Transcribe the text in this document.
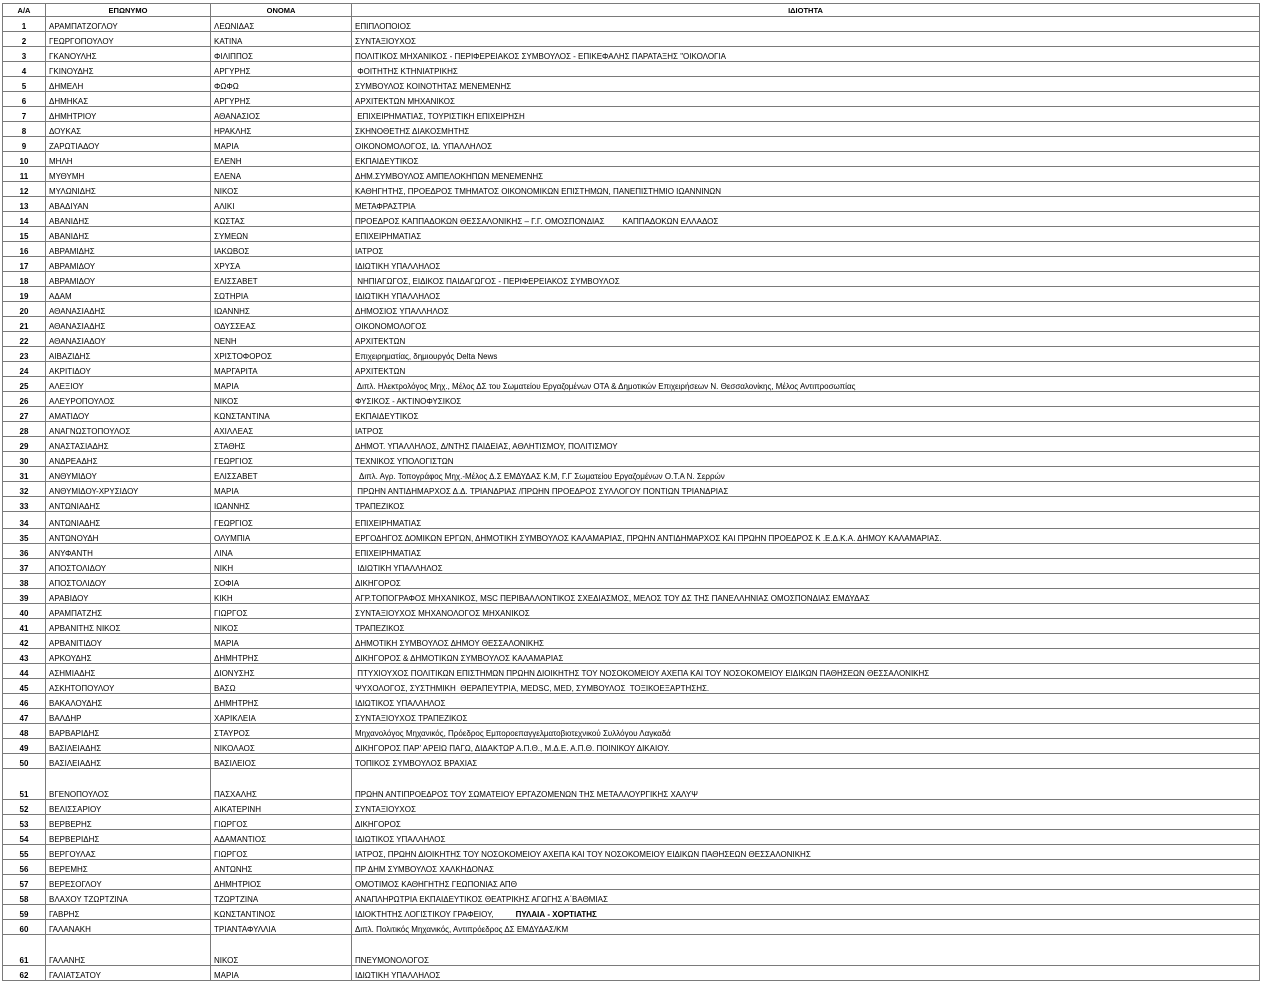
Α/Α	ΕΠΩΝΥΜΟ	ΟΝΟΜΑ	ΙΔΙΟΤΗΤΑ
1	ΑΡΑΜΠΑΤΖΟΓΛΟΥ	ΛΕΩΝΙΔΑΣ	ΕΠΙΠΛΟΠΟΙΟΣ
2	ΓΕΩΡΓΟΠΟΥΛΟΥ	ΚΑΤΙΝΑ	ΣΥΝΤΑΞΙΟΥΧΟΣ
3	ΓΚΑΝΟΥΛΗΣ	ΦΙΛΙΠΠΟΣ	ΠΟΛΙΤΙΚΟΣ ΜΗΧΑΝΙΚΟΣ - ΠΕΡΙΦΕΡΕΙΑΚΟΣ ΣΥΜΒΟΥΛΟΣ - ΕΠΙΚΕΦΑΛΗΣ ΠΑΡΑΤΑΞΗΣ "ΟΙΚΟΛΟΓΙΑ
4	ΓΚΙΝΟΥΔΗΣ	ΑΡΓΥΡΗΣ	ΦΟΙΤΗΤΗΣ ΚΤΗΝΙΑΤΡΙΚΗΣ
5	ΔΗΜΕΛΗ	ΦΩΦΩ	ΣΥΜΒΟΥΛΟΣ ΚΟΙΝΟΤΗΤΑΣ ΜΕΝΕΜΕΝΗΣ
6	ΔΗΜΗΚΑΣ	ΑΡΓΥΡΗΣ	ΑΡΧΙΤΕΚΤΩΝ ΜΗΧΑΝΙΚΟΣ
7	ΔΗΜΗΤΡΙΟΥ	ΑΘΑΝΑΣΙΟΣ	ΕΠΙΧΕΙΡΗΜΑΤΙΑΣ, ΤΟΥΡΙΣΤΙΚΗ ΕΠΙΧΕΙΡΗΣΗ
8	ΔΟΥΚΑΣ	ΗΡΑΚΛΗΣ	ΣΚΗΝΟΘΕΤΗΣ ΔΙΑΚΟΣΜΗΤΗΣ
9	ΖΑΡΩΤΙΑΔΟΥ	ΜΑΡΙΑ	ΟΙΚΟΝΟΜΟΛΟΓΟΣ, ΙΔ. ΥΠΑΛΛΗΛΟΣ
10	ΜΗΛΗ	ΕΛΕΝΗ	ΕΚΠΑΙΔΕΥΤΙΚΟΣ
11	ΜΥΘΥΜΗ	ΕΛΕΝΑ	ΔΗΜ.ΣΥΜΒΟΥΛΟΣ ΑΜΠΕΛΟΚΗΠΩΝ ΜΕΝΕΜΕΝΗΣ
12	ΜΥΛΩΝΙΔΗΣ	ΝΙΚΟΣ	ΚΑΘΗΓΗΤΗΣ, ΠΡΟΕΔΡΟΣ ΤΜΗΜΑΤΟΣ ΟΙΚΟΝΟΜΙΚΩΝ ΕΠΙΣΤΗΜΩΝ, ΠΑΝΕΠΙΣΤΗΜΙΟ ΙΩΑΝΝΙΝΩΝ
13	ΑΒΑΔΙΥΑΝ	ΑΛΙΚΙ	ΜΕΤΑΦΡΑΣΤΡΙΑ
14	ΑΒΑΝΙΔΗΣ	ΚΩΣΤΑΣ	ΠΡΟΕΔΡΟΣ ΚΑΠΠΑΔΟΚΩΝ ΘΕΣΣΑΛΟΝΙΚΗΣ – Γ.Γ. ΟΜΟΣΠΟΝΔΙΑΣ        ΚΑΠΠΑΔΟΚΩΝ ΕΛΛΑΔΟΣ
15	ΑΒΑΝΙΔΗΣ	ΣΥΜΕΩΝ	ΕΠΙΧΕΙΡΗΜΑΤΙΑΣ
16	ΑΒΡΑΜΙΔΗΣ	ΙΑΚΩΒΟΣ	ΙΑΤΡΟΣ
17	ΑΒΡΑΜΙΔΟΥ	ΧΡΥΣΑ	ΙΔΙΩΤΙΚΗ ΥΠΑΛΛΗΛΟΣ
18	ΑΒΡΑΜΙΔΟΥ	ΕΛΙΣΣΑΒΕΤ	ΝΗΠΙΑΓΩΓΟΣ, ΕΙΔΙΚΟΣ ΠΑΙΔΑΓΩΓΟΣ - ΠΕΡΙΦΕΡΕΙΑΚΟΣ ΣΥΜΒΟΥΛΟΣ
19	ΑΔΑΜ	ΣΩΤΗΡΙΑ	ΙΔΙΩΤΙΚΗ ΥΠΑΛΛΗΛΟΣ
20	ΑΘΑΝΑΣΙΑΔΗΣ	ΙΩΑΝΝΗΣ	ΔΗΜΟΣΙΟΣ ΥΠΑΛΛΗΛΟΣ
21	ΑΘΑΝΑΣΙΑΔΗΣ	ΟΔΥΣΣΕΑΣ	ΟΙΚΟΝΟΜΟΛΟΓΟΣ
22	ΑΘΑΝΑΣΙΑΔΟΥ	ΝΕΝΗ	ΑΡΧΙΤΕΚΤΩΝ
23	ΑΙΒΑΖΙΔΗΣ	ΧΡΙΣΤΟΦΟΡΟΣ	Επιχειρηματίας, δημιουργός Delta News
24	ΑΚΡΙΤΙΔΟΥ	ΜΑΡΓΑΡΙΤΑ	ΑΡΧΙΤΕΚΤΩΝ
25	ΑΛΕΞΙΟΥ	ΜΑΡΙΑ	Διπλ. Ηλεκτρολόγος Μηχ., Μέλος ΔΣ του Σωματείου Εργαζομένων ΟΤΑ & Δημοτικών Επιχειρήσεων Ν. Θεσσαλονίκης, Μέλος Αντιπροσωπίας
26	ΑΛΕΥΡΟΠΟΥΛΟΣ	ΝΙΚΟΣ	ΦΥΣΙΚΟΣ - ΑΚΤΙΝΟΦΥΣΙΚΟΣ
27	ΑΜΑΤΙΔΟΥ	ΚΩΝΣΤΑΝΤΙΝΑ	ΕΚΠΑΙΔΕΥΤΙΚΟΣ
28	ΑΝΑΓΝΩΣΤΟΠΟΥΛΟΣ	ΑΧΙΛΛΕΑΣ	ΙΑΤΡΟΣ
29	ΑΝΑΣΤΑΣΙΑΔΗΣ	ΣΤΑΘΗΣ	ΔΗΜΟΤ. ΥΠΑΛΛΗΛΟΣ, Δ/ΝΤΗΣ ΠΑΙΔΕΙΑΣ, ΑΘΛΗΤΙΣΜΟΥ, ΠΟΛΙΤΙΣΜΟΥ
30	ΑΝΔΡΕΑΔΗΣ	ΓΕΩΡΓΙΟΣ	ΤΕΧΝΙΚΟΣ ΥΠΟΛΟΓΙΣΤΩΝ
31	ΑΝΘΥΜΙΔΟΥ	ΕΛΙΣΣΑΒΕΤ	Διπλ. Αγρ. Τοπογράφος Μηχ.-Μέλος Δ.Σ ΕΜΔΥΔΑΣ Κ.Μ, Γ.Γ Σωματείου Εργαζομένων Ο.Τ.Α Ν. Σερρών
32	ΑΝΘΥΜΙΔΟΥ-ΧΡΥΣΙΔΟΥ	ΜΑΡΙΑ	ΠΡΩΗΝ ΑΝΤΙΔΗΜΑΡΧΟΣ Δ.Δ. ΤΡΙΑΝΔΡΙΑΣ /ΠΡΩΗΝ ΠΡΟΕΔΡΟΣ ΣΥΛΛΟΓΟΥ ΠΟΝΤΙΩΝ ΤΡΙΑΝΔΡΙΑΣ
33	ΑΝΤΩΝΙΑΔΗΣ	ΙΩΑΝΝΗΣ	ΤΡΑΠΕΖΙΚΟΣ
34	ΑΝΤΩΝΙΑΔΗΣ	ΓΕΩΡΓΙΟΣ	ΕΠΙΧΕΙΡΗΜΑΤΙΑΣ
35	ΑΝΤΩΝΟΥΔΗ	ΟΛΥΜΠΙΑ	ΕΡΓΟΔΗΓΟΣ ΔΟΜΙΚΩΝ ΕΡΓΩΝ, ΔΗΜΟΤΙΚΗ ΣΥΜΒΟΥΛΟΣ ΚΑΛΑΜΑΡΙΑΣ, ΠΡΩΗΝ ΑΝΤΙΔΗΜΑΡΧΟΣ ΚΑΙ ΠΡΩΗΝ ΠΡΟΕΔΡΟΣ Κ .Ε.Δ.Κ.Α. ΔΗΜΟΥ ΚΑΛΑΜΑΡΙΑΣ.
36	ΑΝΥΦΑΝΤΗ	ΛΙΝΑ	ΕΠΙΧΕΙΡΗΜΑΤΙΑΣ
37	ΑΠΟΣΤΟΛΙΔΟΥ	ΝΙΚΗ	ΙΔΙΩΤΙΚΗ ΥΠΑΛΛΗΛΟΣ
38	ΑΠΟΣΤΟΛΙΔΟΥ	ΣΟΦΙΑ	ΔΙΚΗΓΟΡΟΣ
39	ΑΡΑΒΙΔΟΥ	ΚΙΚΗ	ΑΓΡ.ΤΟΠΟΓΡΑΦΟΣ ΜΗΧΑΝΙΚΟΣ, MSC ΠΕΡΙΒΑΛΛΟΝΤΙΚΟΣ ΣΧΕΔΙΑΣΜΟΣ, ΜΕΛΟΣ ΤΟΥ ΔΣ ΤΗΣ ΠΑΝΕΛΛΗΝΙΑΣ ΟΜΟΣΠΟΝΔΙΑΣ ΕΜΔΥΔΑΣ
40	ΑΡΑΜΠΑΤΖΗΣ	ΓΙΩΡΓΟΣ	ΣΥΝΤΑΞΙΟΥΧΟΣ ΜΗΧΑΝΟΛΟΓΟΣ ΜΗΧΑΝΙΚΟΣ
41	ΑΡΒΑΝΙΤΗΣ ΝΙΚΟΣ	ΝΙΚΟΣ	ΤΡΑΠΕΖΙΚΟΣ
42	ΑΡΒΑΝΙΤΙΔΟΥ	ΜΑΡΙΑ	ΔΗΜΟΤΙΚΗ ΣΥΜΒΟΥΛΟΣ ΔΗΜΟΥ ΘΕΣΣΑΛΟΝΙΚΗΣ
43	ΑΡΚΟΥΔΗΣ	ΔΗΜΗΤΡΗΣ	ΔΙΚΗΓΟΡΟΣ & ΔΗΜΟΤΙΚΩΝ ΣΥΜΒΟΥΛΟΣ ΚΑΛΑΜΑΡΙΑΣ
44	ΑΣΗΜΙΑΔΗΣ	ΔΙΟΝΥΣΗΣ	ΠΤΥΧΙΟΥΧΟΣ ΠΟΛΙΤΙΚΩΝ ΕΠΙΣΤΗΜΩΝ ΠΡΩΗΝ ΔΙΟΙΚΗΤΗΣ ΤΟΥ ΝΟΣΟΚΟΜΕΙΟΥ ΑΧΕΠΑ ΚΑΙ ΤΟΥ ΝΟΣΟΚΟΜΕΙΟΥ ΕΙΔΙΚΩΝ ΠΑΘΗΣΕΩΝ ΘΕΣΣΑΛΟΝΙΚΗΣ
45	ΑΣΚΗΤΟΠΟΥΛΟΥ	ΒΑΣΩ	ΨΥΧΟΛΟΓΟΣ, ΣΥΣΤΗΜΙΚΗ  ΘΕΡΑΠΕΥΤΡΙΑ, MEDSC, MED, ΣΥΜΒΟΥΛΟΣ  ΤΟΞΙΚΟΕΞΑΡΤΗΣΗΣ.
46	ΒΑΚΑΛΟΥΔΗΣ	ΔΗΜΗΤΡΗΣ	ΙΔΙΩΤΙΚΟΣ ΥΠΑΛΛΗΛΟΣ
47	ΒΑΛΔΗΡ	ΧΑΡΙΚΛΕΙΑ	ΣΥΝΤΑΞΙΟΥΧΟΣ ΤΡΑΠΕΖΙΚΟΣ
48	ΒΑΡΒΑΡΙΔΗΣ	ΣΤΑΥΡΟΣ	Μηχανολόγος Μηχανικός, Πρόεδρος Εμποροεπαγγελματοβιοτεχνικού Συλλόγου Λαγκαδά
49	ΒΑΣΙΛΕΙΑΔΗΣ	ΝΙΚΟΛΑΟΣ	ΔΙΚΗΓΟΡΟΣ ΠΑΡ' ΑΡΕΙΩ ΠΑΓΩ, ΔΙΔΑΚΤΩΡ Α.Π.Θ., Μ.Δ.Ε. Α.Π.Θ. ΠΟΙΝΙΚΟΥ ΔΙΚΑΙΟΥ.
50	ΒΑΣΙΛΕΙΑΔΗΣ	ΒΑΣΙΛΕΙΟΣ	ΤΟΠΙΚΟΣ ΣΥΜΒΟΥΛΟΣ ΒΡΑΧΙΑΣ
51	ΒΓΕΝΟΠΟΥΛΟΣ	ΠΑΣΧΑΛΗΣ	ΠΡΩΗΝ ΑΝΤΙΠΡΟΕΔΡΟΣ ΤΟΥ ΣΩΜΑΤΕΙΟΥ ΕΡΓΑΖΟΜΕΝΩΝ ΤΗΣ ΜΕΤΑΛΛΟΥΡΓΙΚΗΣ ΧΑΛΥΨ
52	ΒΕΛΙΣΣΑΡΙΟΥ	ΑΙΚΑΤΕΡΙΝΗ	ΣΥΝΤΑΞΙΟΥΧΟΣ
53	ΒΕΡΒΕΡΗΣ	ΓΙΩΡΓΟΣ	ΔΙΚΗΓΟΡΟΣ
54	ΒΕΡΒΕΡΙΔΗΣ	ΑΔΑΜΑΝΤΙΟΣ	ΙΔΙΩΤΙΚΟΣ ΥΠΑΛΛΗΛΟΣ
55	ΒΕΡΓΟΥΛΑΣ	ΓΙΩΡΓΟΣ	ΙΑΤΡΟΣ, ΠΡΩΗΝ ΔΙΟΙΚΗΤΗΣ ΤΟΥ ΝΟΣΟΚΟΜΕΙΟΥ ΑΧΕΠΑ ΚΑΙ ΤΟΥ ΝΟΣΟΚΟΜΕΙΟΥ ΕΙΔΙΚΩΝ ΠΑΘΗΣΕΩΝ ΘΕΣΣΑΛΟΝΙΚΗΣ
56	ΒΕΡΕΜΗΣ	ΑΝΤΩΝΗΣ	ΠΡ ΔΗΜ ΣΥΜΒΟΥΛΟΣ ΧΑΛΚΗΔΟΝΑΣ
57	ΒΕΡΕΣΟΓΛΟΥ	ΔΗΜΗΤΡΙΟΣ	ΟΜΟΤΙΜΟΣ ΚΑΘΗΓΗΤΗΣ ΓΕΩΠΟΝΙΑΣ ΑΠΘ
58	ΒΛΑΧΟΥ ΤΖΩΡΤΖΙΝΑ	ΤΖΩΡΤΖΙΝΑ	ΑΝΑΠΛΗΡΩΤΡΙΑ ΕΚΠΑΙΔΕΥΤΙΚΟΣ ΘΕΑΤΡΙΚΗΣ ΑΓΩΓΗΣ Α΄ΒΑΘΜΙΑΣ
59	ΓΑΒΡΗΣ	ΚΩΝΣΤΑΝΤΙΝΟΣ	ΙΔΙΟΚΤΗΤΗΣ ΛΟΓΙΣΤΙΚΟΥ ΓΡΑΦΕΙΟΥ, ΠΥΛΑΙΑ - ΧΟΡΤΙΑΤΗΣ
60	ΓΑΛΑΝΑΚΗ	ΤΡΙΑΝΤΑΦΥΛΛΙΑ	Διπλ. Πολιτικός Μηχανικός, Αντιπρόεδρος ΔΣ ΕΜΔΥΔΑΣ/ΚΜ
61	ΓΑΛΑΝΗΣ	ΝΙΚΟΣ	ΠΝΕΥΜΟΝΟΛΟΓΟΣ
62	ΓΑΛΙΑΤΣΑΤΟΥ	ΜΑΡΙΑ	ΙΔΙΩΤΙΚΗ ΥΠΑΛΛΗΛΟΣ
